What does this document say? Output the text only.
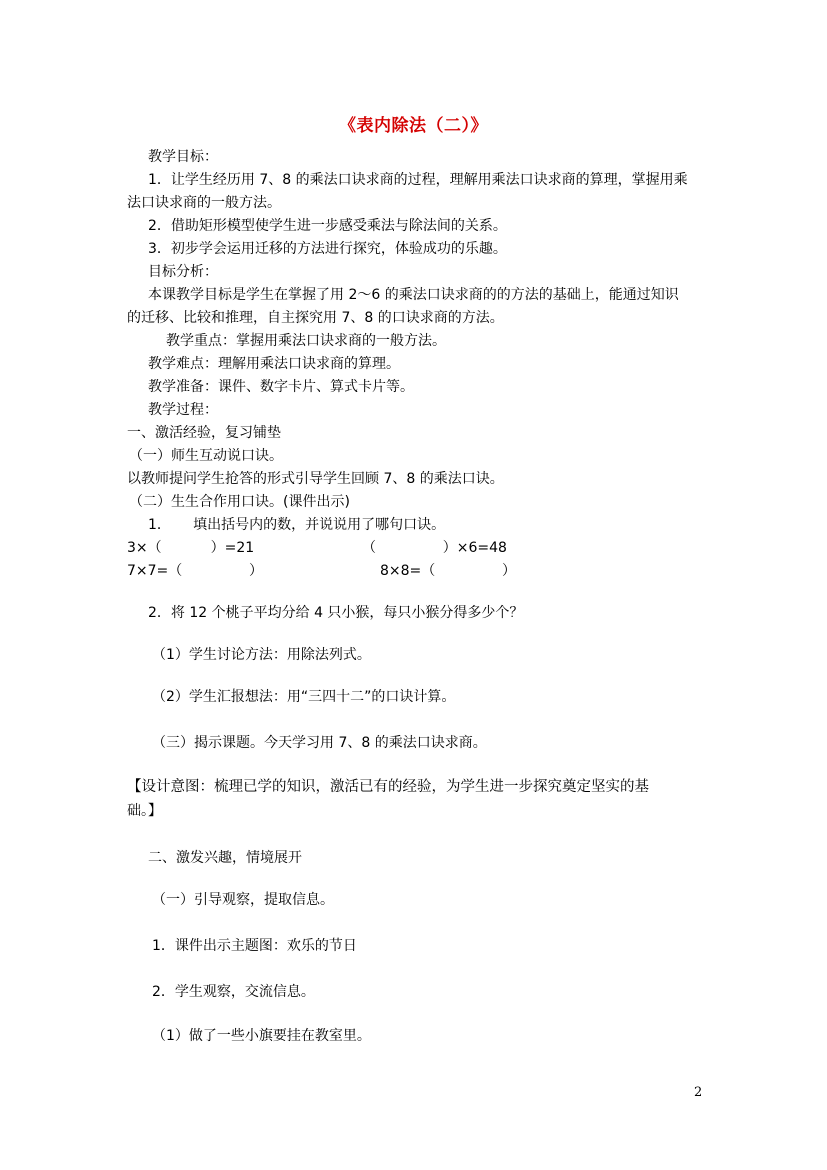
《表内除法（二）》
教学目标：
1．让学生经历用 7、8 的乘法口诀求商的过程，理解用乘法口诀求商的算理，掌握用乘
法口诀求商的一般方法。
2．借助矩形模型使学生进一步感受乘法与除法间的关系。
3．初步学会运用迁移的方法进行探究，体验成功的乐趣。
目标分析：
本课教学目标是学生在掌握了用 2～6 的乘法口诀求商的的方法的基础上，能通过知识
的迁移、比较和推理，自主探究用 7、8 的口诀求商的方法。
教学重点：掌握用乘法口诀求商的一般方法。
教学难点：理解用乘法口诀求商的算理。
教学准备：课件、数字卡片、算式卡片等。
教学过程：
一、激活经验，复习铺垫
（一）师生互动说口诀。
以教师提问学生抢答的形式引导学生回顾 7、8 的乘法口诀。
（二）生生合作用口诀。(课件出示)
1．     填出括号内的数，并说说用了哪句口诀。
3×（           ）=21	（               ）×6=48
7×7=（               ）	8×8=（               ）
2．将 12 个桃子平均分给 4 只小猴，每只小猴分得多少个？
（1）学生讨论方法：用除法列式。
（2）学生汇报想法：用“三四十二”的口诀计算。
（三）揭示课题。今天学习用 7、8 的乘法口诀求商。
【设计意图：梳理已学的知识，激活已有的经验，为学生进一步探究奠定坚实的基
础。】
二、激发兴趣，情境展开
（一）引导观察，提取信息。
1．课件出示主题图：欢乐的节日
2．学生观察，交流信息。
（1）做了一些小旗要挂在教室里。
2
